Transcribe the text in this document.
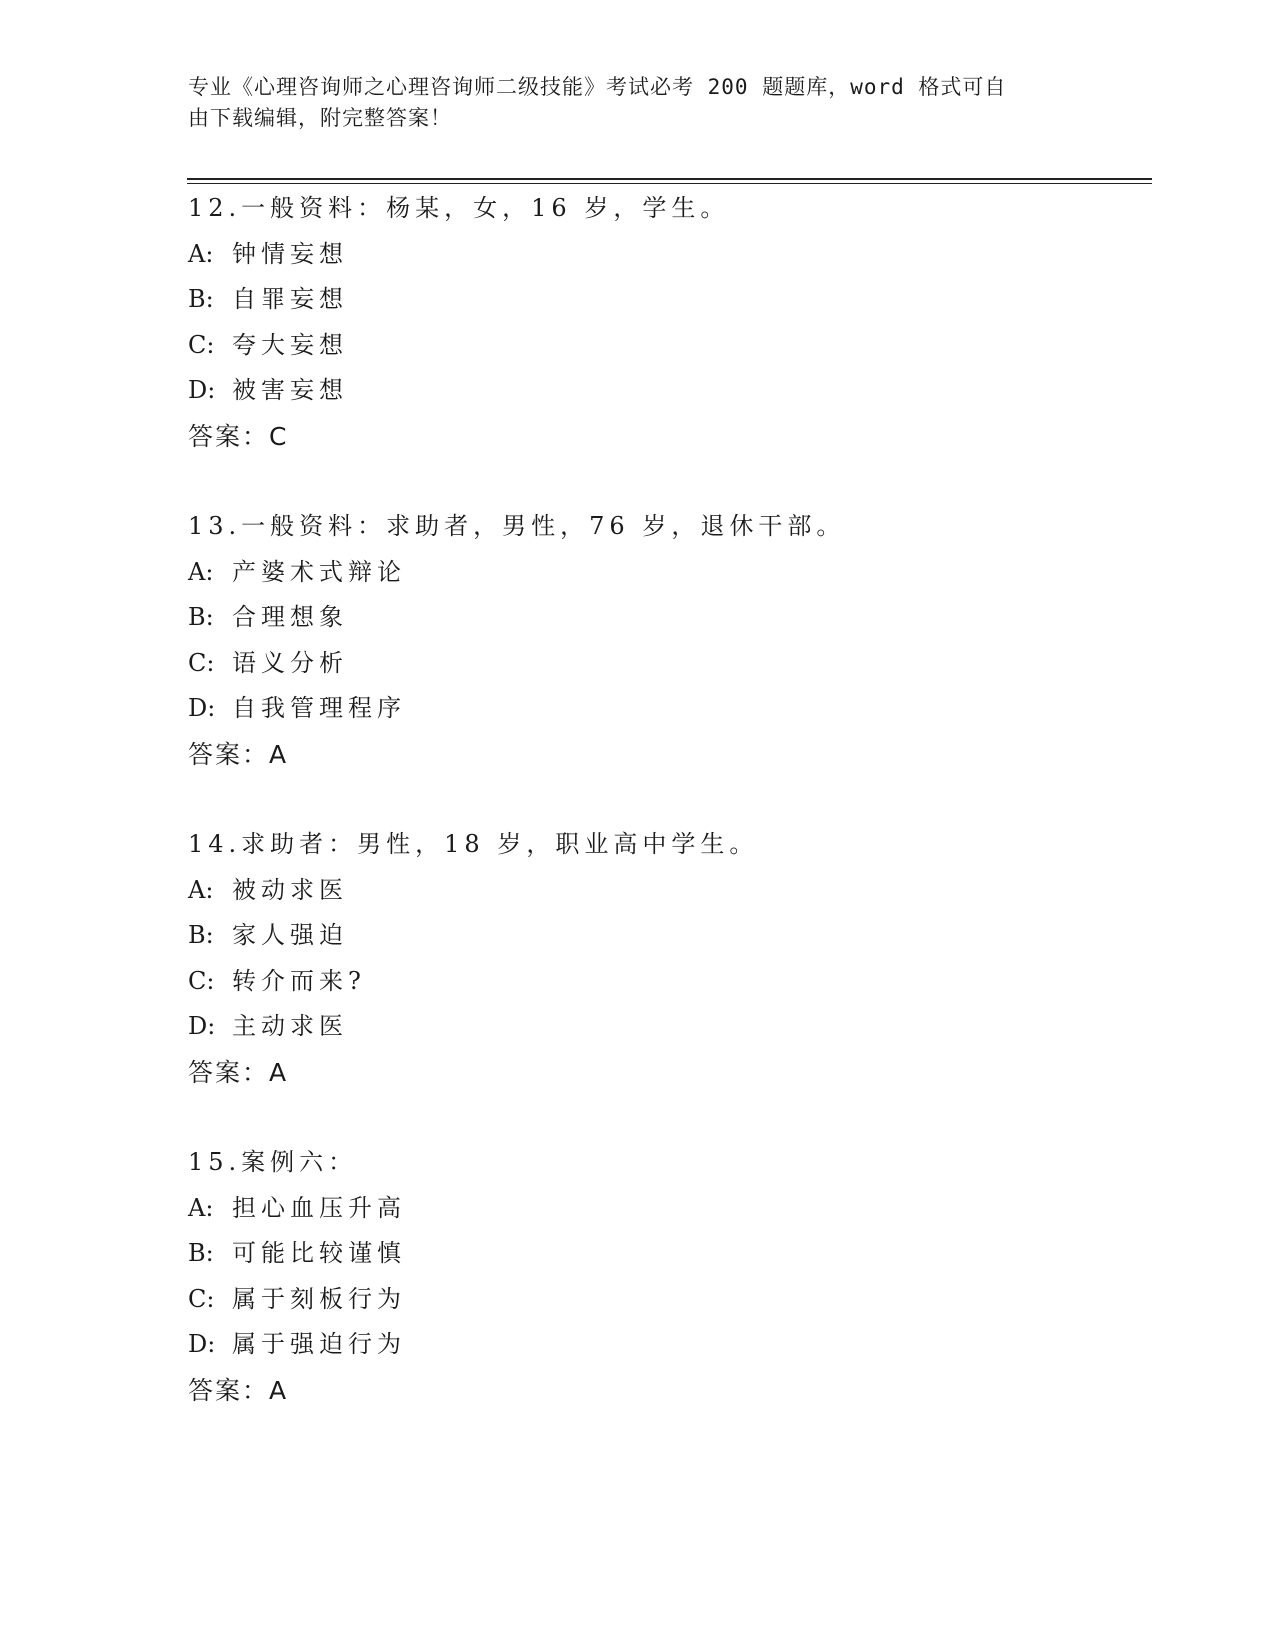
专业《心理咨询师之心理咨询师二级技能》考试必考 200 题题库，word 格式可自
由下载编辑，附完整答案！
12.一般资料：杨某，女，16 岁，学生。
A: 钟情妄想
B: 自罪妄想
C: 夸大妄想
D: 被害妄想
答案：C
13.一般资料：求助者，男性，76 岁，退休干部。
A: 产婆术式辩论
B: 合理想象
C: 语义分析
D: 自我管理程序
答案：A
14.求助者：男性，18 岁，职业高中学生。
A: 被动求医
B: 家人强迫
C: 转介而来?
D: 主动求医
答案：A
15.案例六：
A: 担心血压升高
B: 可能比较谨慎
C: 属于刻板行为
D: 属于强迫行为
答案：A
